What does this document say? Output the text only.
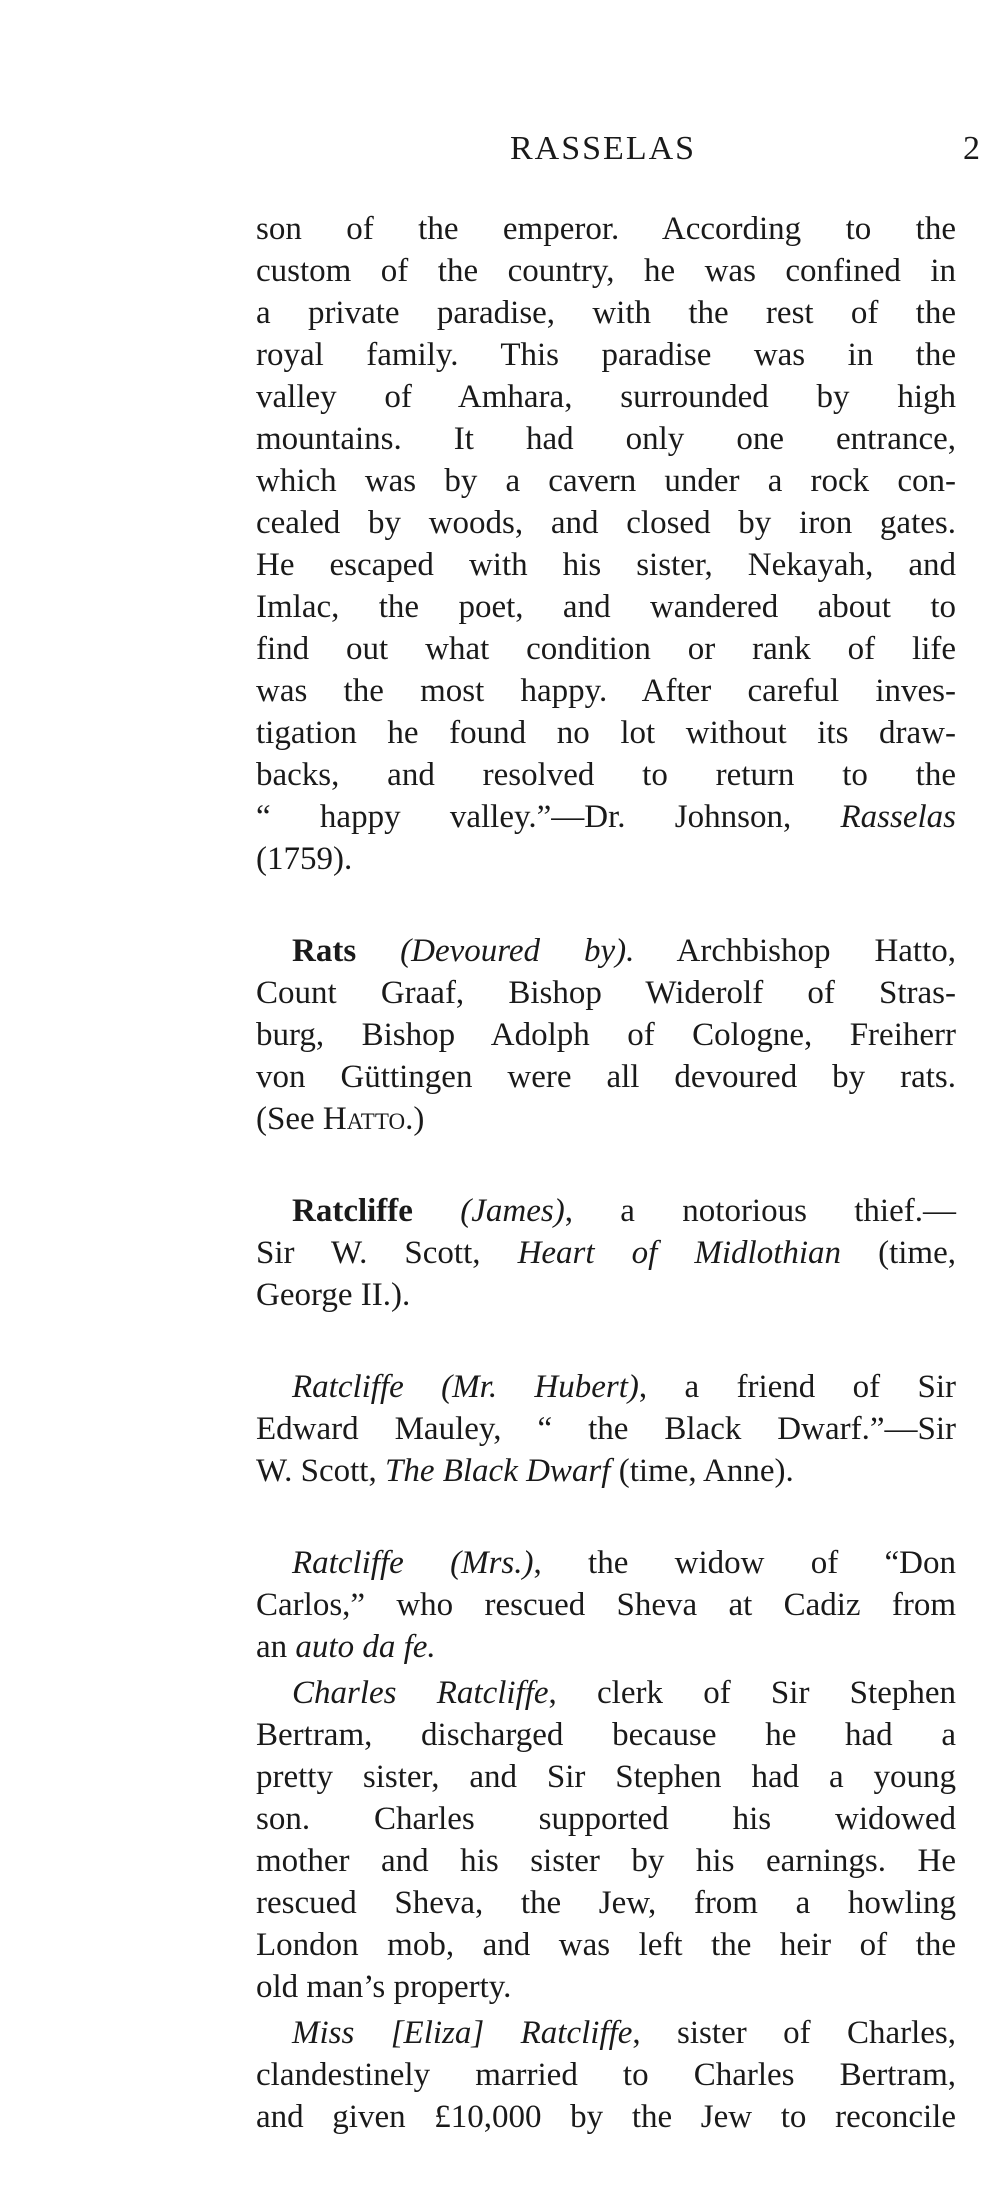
RASSELAS	2
son of the emperor. According to the
custom of the country, he was confined in
a private paradise, with the rest of the
royal family. This paradise was in the
valley of Amhara, surrounded by high
mountains. It had only one entrance,
which was by a cavern under a rock con-
cealed by woods, and closed by iron gates.
He escaped with his sister, Nekayah, and
Imlac, the poet, and wandered about to
find out what condition or rank of life
was the most happy. After careful inves-
tigation he found no lot without its draw-
backs, and resolved to return to the
“ happy valley.”—Dr. Johnson, Rasselas
(1759).
Rats (Devoured by). Archbishop Hatto,
Count Graaf, Bishop Widerolf of Stras-
burg, Bishop Adolph of Cologne, Freiherr
von Güttingen were all devoured by rats.
(See Hatto.)
Ratcliffe (James), a notorious thief.—
Sir W. Scott, Heart of Midlothian (time,
George II.).
Ratcliffe (Mr. Hubert), a friend of Sir
Edward Mauley, “ the Black Dwarf.”—Sir
W. Scott, The Black Dwarf (time, Anne).
Ratcliffe (Mrs.), the widow of “Don
Carlos,” who rescued Sheva at Cadiz from
an auto da fe.
Charles Ratcliffe, clerk of Sir Stephen
Bertram, discharged because he had a
pretty sister, and Sir Stephen had a young
son. Charles supported his widowed
mother and his sister by his earnings. He
rescued Sheva, the Jew, from a howling
London mob, and was left the heir of the
old man’s property.
Miss [Eliza] Ratcliffe, sister of Charles,
clandestinely married to Charles Bertram,
and given £10,000 by the Jew to reconcile
